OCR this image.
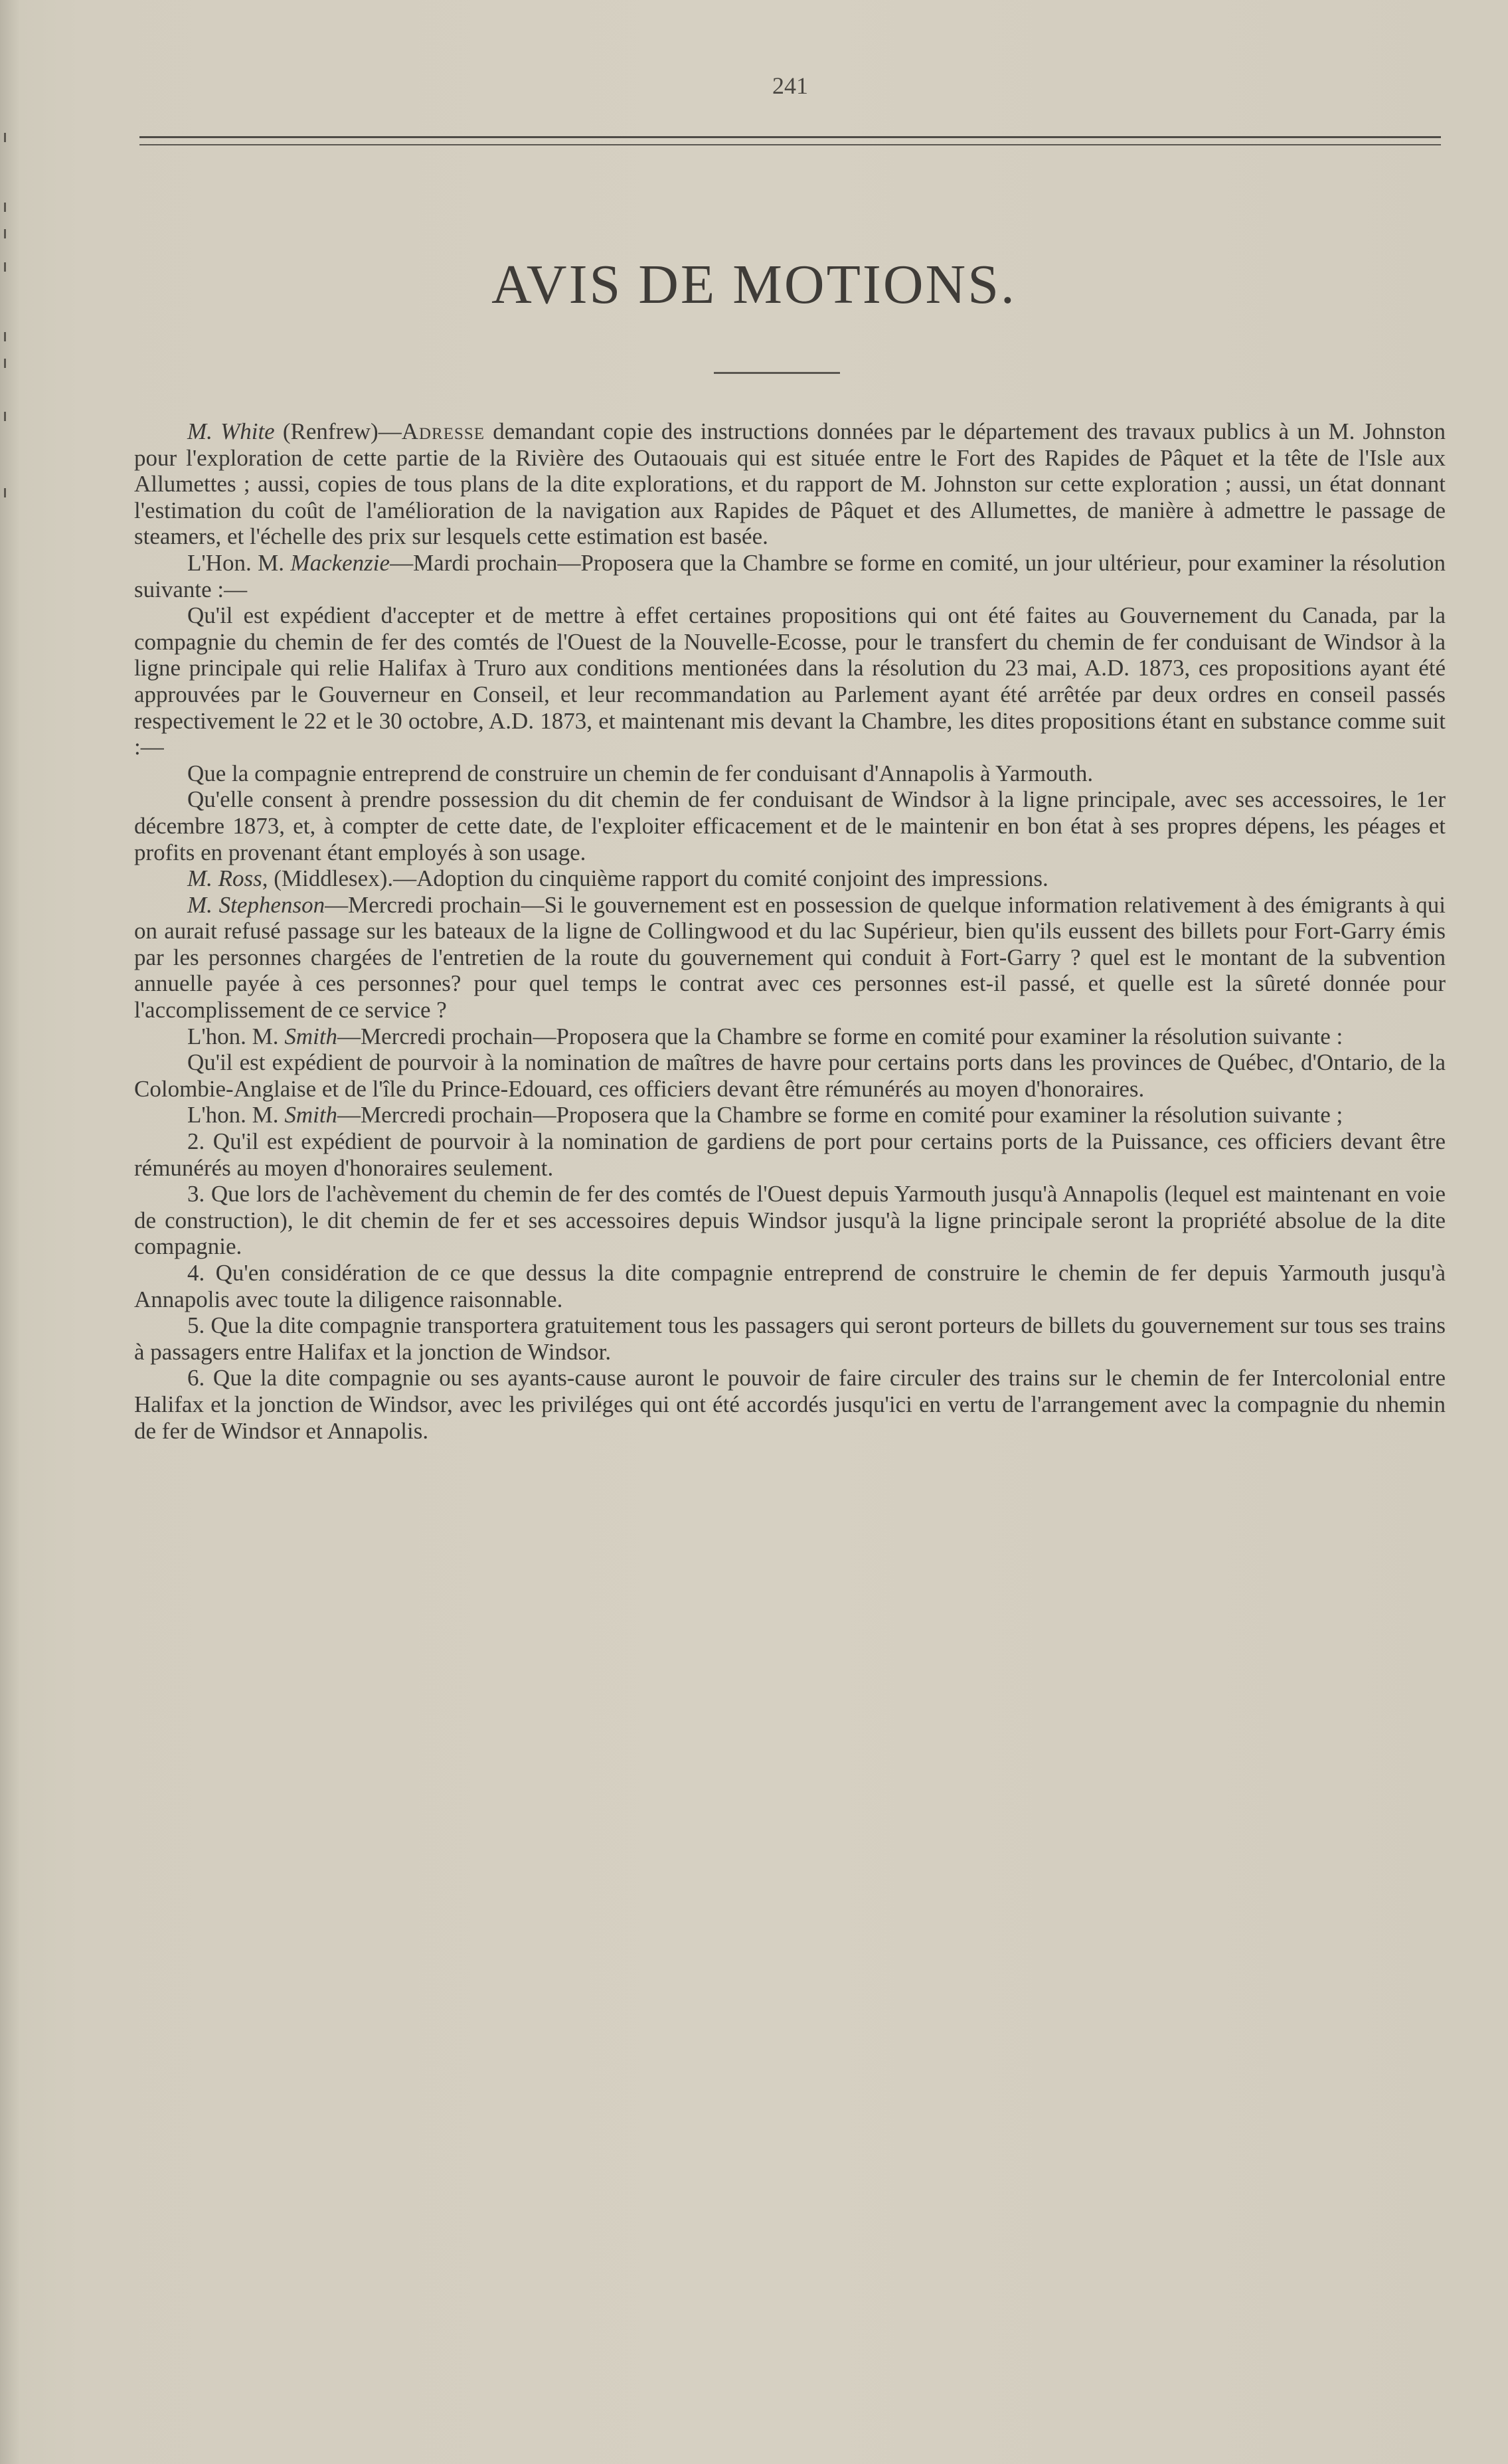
241
AVIS DE MOTIONS.

M. White (Renfrew)—Adresse demandant copie des instructions données par le département des travaux publics à un M. Johnston pour l'exploration de cette partie de la Rivière des Outaouais qui est située entre le Fort des Rapides de Pâquet et la tête de l'Isle aux Allumettes ; aussi, copies de tous plans de la dite explorations, et du rapport de M. Johnston sur cette exploration ; aussi, un état donnant l'estimation du coût de l'amélioration de la navigation aux Rapides de Pâquet et des Allumettes, de manière à admettre le passage de steamers, et l'échelle des prix sur lesquels cette estimation est basée.

L'Hon. M. Mackenzie—Mardi prochain—Proposera que la Chambre se forme en comité, un jour ultérieur, pour examiner la résolution suivante :—

Qu'il est expédient d'accepter et de mettre à effet certaines propositions qui ont été faites au Gouvernement du Canada, par la compagnie du chemin de fer des comtés de l'Ouest de la Nouvelle-Ecosse, pour le transfert du chemin de fer conduisant de Windsor à la ligne principale qui relie Halifax à Truro aux conditions mentionées dans la résolution du 23 mai, A.D. 1873, ces propositions ayant été approuvées par le Gouverneur en Conseil, et leur recommandation au Parlement ayant été arrêtée par deux ordres en conseil passés respectivement le 22 et le 30 octobre, A.D. 1873, et maintenant mis devant la Chambre, les dites propositions étant en substance comme suit :—

Que la compagnie entreprend de construire un chemin de fer conduisant d'Annapolis à Yarmouth.

Qu'elle consent à prendre possession du dit chemin de fer conduisant de Windsor à la ligne principale, avec ses accessoires, le 1er décembre 1873, et, à compter de cette date, de l'exploiter efficacement et de le maintenir en bon état à ses propres dépens, les péages et profits en provenant étant employés à son usage.

M. Ross, (Middlesex).—Adoption du cinquième rapport du comité conjoint des impressions.

M. Stephenson—Mercredi prochain—Si le gouvernement est en possession de quelque information relativement à des émigrants à qui on aurait refusé passage sur les bateaux de la ligne de Collingwood et du lac Supérieur, bien qu'ils eussent des billets pour Fort-Garry émis par les personnes chargées de l'entretien de la route du gouvernement qui conduit à Fort-Garry ? quel est le montant de la subvention annuelle payée à ces personnes? pour quel temps le contrat avec ces personnes est-il passé, et quelle est la sûreté donnée pour l'accomplissement de ce service ?

L'hon. M. Smith—Mercredi prochain—Proposera que la Chambre se forme en comité pour examiner la résolution suivante :

Qu'il est expédient de pourvoir à la nomination de maîtres de havre pour certains ports dans les provinces de Québec, d'Ontario, de la Colombie-Anglaise et de l'île du Prince-Edouard, ces officiers devant être rémunérés au moyen d'honoraires.

L'hon. M. Smith—Mercredi prochain—Proposera que la Chambre se forme en comité pour examiner la résolution suivante ;

2. Qu'il est expédient de pourvoir à la nomination de gardiens de port pour certains ports de la Puissance, ces officiers devant être rémunérés au moyen d'honoraires seulement.

3. Que lors de l'achèvement du chemin de fer des comtés de l'Ouest depuis Yarmouth jusqu'à Annapolis (lequel est maintenant en voie de construction), le dit chemin de fer et ses accessoires depuis Windsor jusqu'à la ligne principale seront la propriété absolue de la dite compagnie.

4. Qu'en considération de ce que dessus la dite compagnie entreprend de construire le chemin de fer depuis Yarmouth jusqu'à Annapolis avec toute la diligence raisonnable.

5. Que la dite compagnie transportera gratuitement tous les passagers qui seront porteurs de billets du gouvernement sur tous ses trains à passagers entre Halifax et la jonction de Windsor.

6. Que la dite compagnie ou ses ayants-cause auront le pouvoir de faire circuler des trains sur le chemin de fer Intercolonial entre Halifax et la jonction de Windsor, avec les priviléges qui ont été accordés jusqu'ici en vertu de l'arrangement avec la compagnie du nhemin de fer de Windsor et Annapolis.
